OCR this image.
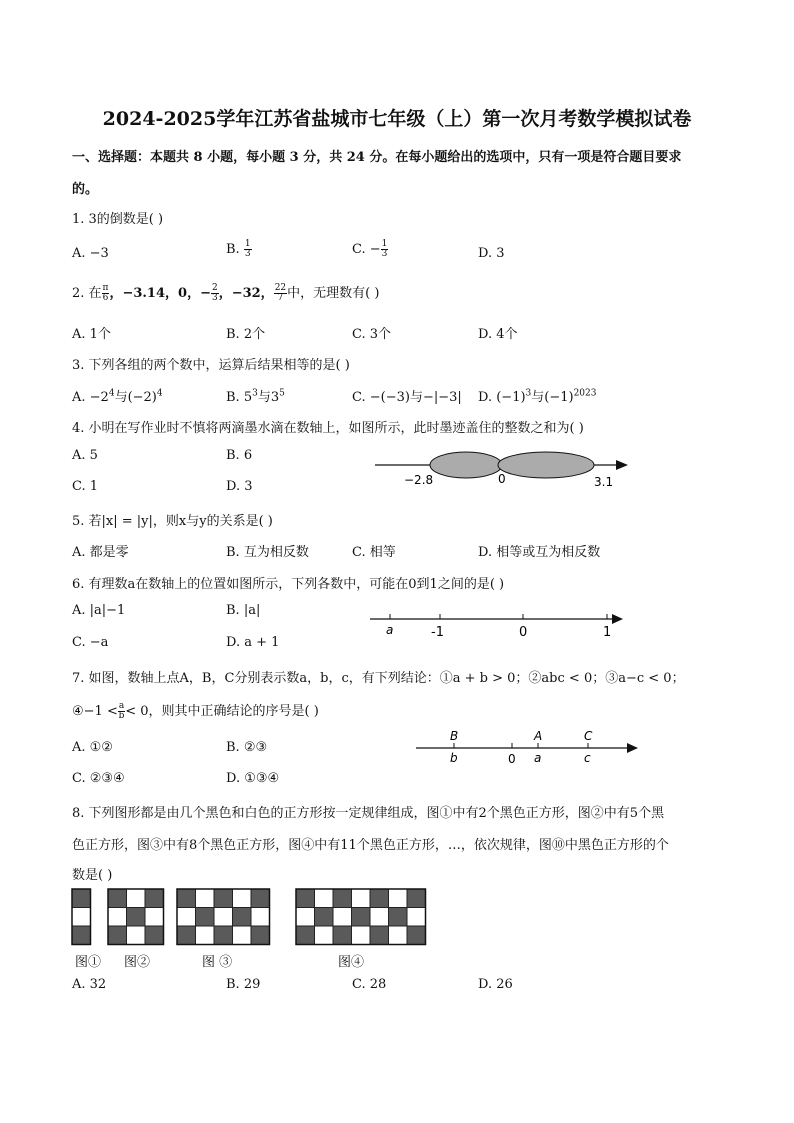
2024-2025学年江苏省盐城市七年级（上）第一次月考数学模拟试卷
一、选择题：本题共 8 小题，每小题 3 分，共 24 分。在每小题给出的选项中，只有一项是符合题目要求
的。
1. 3的倒数是( )
A. −3	B. $\frac{1}{3}$	C. − $\frac{1}{3}$	D. 3
2. 在 $\frac{\pi}{6}$ ，−3.14，0，− $\frac{2}{3}$ ，−32， $\frac{22}{7}$ 中，无理数有( )
A. 1个	B. 2个	C. 3个	D. 4个
3. 下列各组的两个数中，运算后结果相等的是( )
A. $-2^4$与$(-2)^4$	B. $5^3$与$3^5$	C. −(−3)与−|−3| D. $(-1)^3$与$(-1)^{2023}$
4. 小明在写作业时不慎将两滴墨水滴在数轴上，如图所示，此时墨迹盖住的整数之和为( )
A. 5	B. 6
C. 1	D. 3	−2.8	0	3.1
5. 若|x| = |y|，则x与y的关系是( )
A. 都是零	B. 互为相反数	C. 相等	D. 相等或互为相反数
6. 有理数a在数轴上的位置如图所示，下列各数中，可能在0到1之间的是( )
A. |a|−1	B. |a|
C. −a	D. a + 1
a	-1	0	1
7. 如图，数轴上点A，B，C分别表示数a，b，c，有下列结论：①a + b > 0；②abc < 0；③a−c < 0；
④−1 < $\frac{a}{b} < 0$，则其中正确结论的序号是( )
A. ①②	B. ②③
C. ②③④	D. ①③④
B	A	C
b	a	c
0
8. 下列图形都是由几个黑色和白色的正方形按一定规律组成，图①中有2个黑色正方形，图②中有5个黑
色正方形，图③中有8个黑色正方形，图④中有11个黑色正方形，…，依次规律，图⑩中黑色正方形的个
数是( )
图① 图②	图 ③	图④
A. 32	B. 29	C. 28	D. 26
